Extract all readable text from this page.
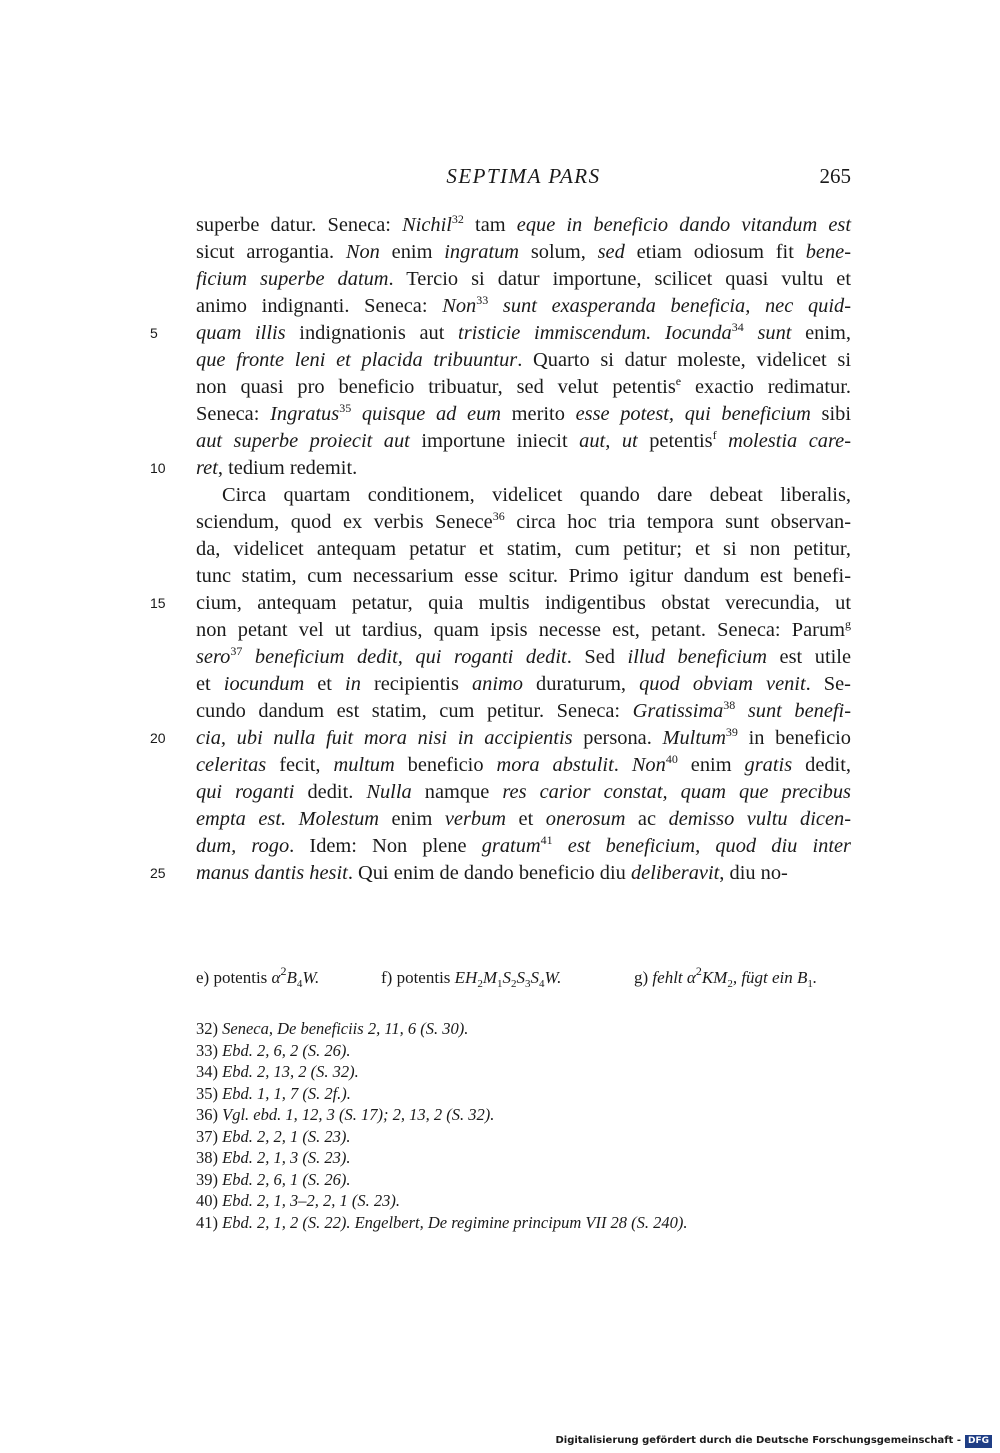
SEPTIMA PARS	265
5
10
15
20
25
superbe datur. Seneca: Nichil$^{32}$ tam eque in beneficio dando vitandum est
sicut arrogantia. Non enim ingratum solum, sed etiam odiosum fit bene-
ficium superbe datum. Tercio si datur importune, scilicet quasi vultu et
animo indignanti. Seneca: Non$^{33}$ sunt exasperanda beneficia, nec quid-
quam illis indignationis aut tristicie immiscendum. Iocunda$^{34}$ sunt enim,
que fronte leni et placida tribuuntur. Quarto si datur moleste, videlicet si
non quasi pro beneficio tribuatur, sed velut petentis$^e$ exactio redimatur.
Seneca: Ingratus$^{35}$ quisque ad eum merito esse potest, qui beneficium sibi
aut superbe proiecit aut importune iniecit aut, ut petentis$^f$ molestia care-
ret, tedium redemit.
Circa quartam conditionem, videlicet quando dare debeat liberalis,
sciendum, quod ex verbis Senece$^{36}$ circa hoc tria tempora sunt observan-
da, videlicet antequam petatur et statim, cum petitur; et si non petitur,
tunc statim, cum necessarium esse scitur. Primo igitur dandum est benefi-
cium, antequam petatur, quia multis indigentibus obstat verecundia, ut
non petant vel ut tardius, quam ipsis necesse est, petant. Seneca: Parum$^g$
sero$^{37}$ beneficium dedit, qui roganti dedit. Sed illud beneficium est utile
et iocundum et in recipientis animo duraturum, quod obviam venit. Se-
cundo dandum est statim, cum petitur. Seneca: Gratissima$^{38}$ sunt benefi-
cia, ubi nulla fuit mora nisi in accipientis persona. Multum$^{39}$ in beneficio
celeritas fecit, multum beneficio mora abstulit. Non$^{40}$ enim gratis dedit,
qui roganti dedit. Nulla namque res carior constat, quam que precibus
empta est. Molestum enim verbum et onerosum ac demisso vultu dicen-
dum, rogo. Idem: Non plene gratum$^{41}$ est beneficium, quod diu inter
manus dantis hesit. Qui enim de dando beneficio diu deliberavit, diu no-
e) potentis $\alpha^2B_4W$.	f) potentis $EH_2M_1S_2S_3S_4W$.	g) fehlt $\alpha^2KM_2$, fügt ein $B_1$.
32) Seneca, De beneficiis 2, 11, 6 (S. 30).
33) Ebd. 2, 6, 2 (S. 26).
34) Ebd. 2, 13, 2 (S. 32).
35) Ebd. 1, 1, 7 (S. 2f.).
36) Vgl. ebd. 1, 12, 3 (S. 17); 2, 13, 2 (S. 32).
37) Ebd. 2, 2, 1 (S. 23).
38) Ebd. 2, 1, 3 (S. 23).
39) Ebd. 2, 6, 1 (S. 26).
40) Ebd. 2, 1, 3–2, 2, 1 (S. 23).
41) Ebd. 2, 1, 2 (S. 22). Engelbert, De regimine principum VII 28 (S. 240).
Digitalisierung gefördert durch die Deutsche Forschungsgemeinschaft - DFG
